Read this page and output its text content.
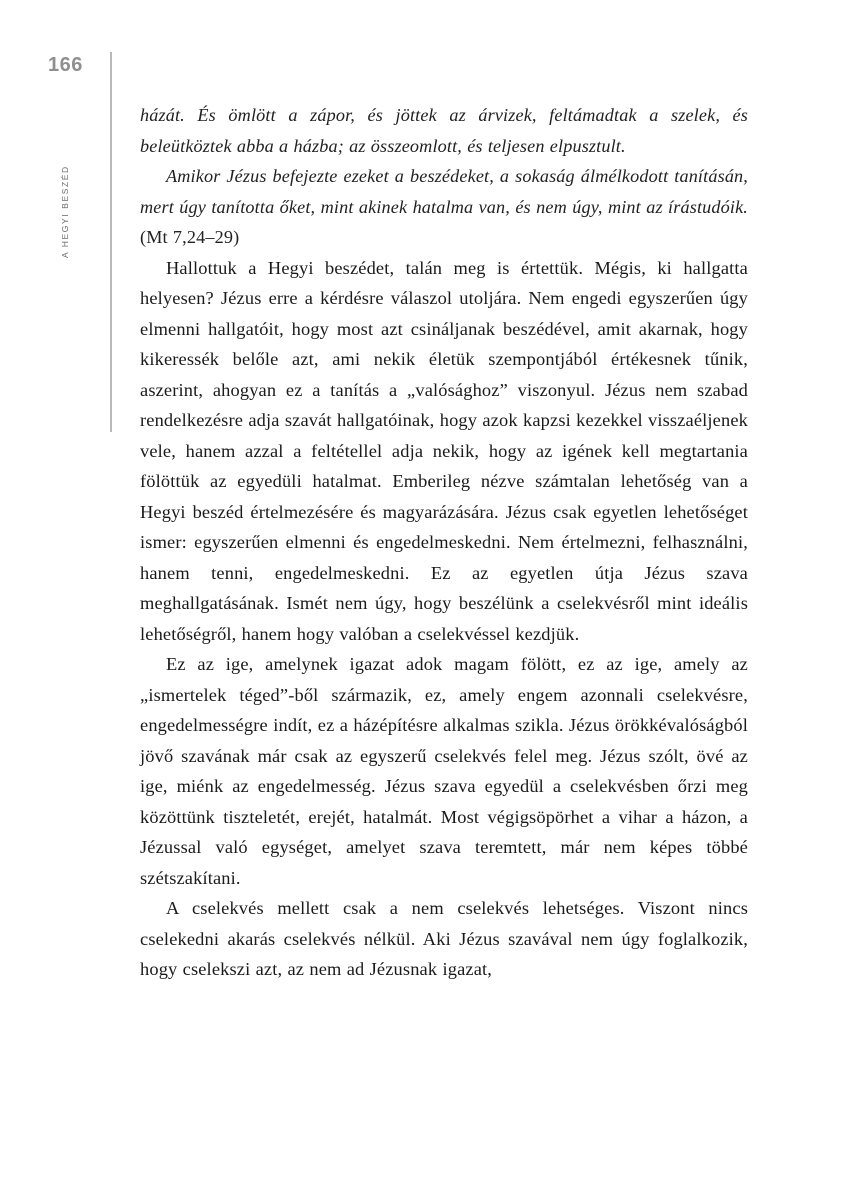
166
A HEGYI BESZÉD

házát. És ömlött a zápor, és jöttek az árvizek, feltámadtak a szelek, és beleütköztek abba a házba; az összeomlott, és teljesen elpusztult.

Amikor Jézus befejezte ezeket a beszédeket, a sokaság álmélkodott tanításán, mert úgy tanította őket, mint akinek hatalma van, és nem úgy, mint az írástudóik. (Mt 7,24–29)

Hallottuk a Hegyi beszédet, talán meg is értettük. Mégis, ki hallgatta helyesen? Jézus erre a kérdésre válaszol utoljára. Nem engedi egyszerűen úgy elmenni hallgatóit, hogy most azt csináljanak beszédével, amit akarnak, hogy kikeressék belőle azt, ami nekik életük szempontjából értékesnek tűnik, aszerint, ahogyan ez a tanítás a „valósághoz” viszonyul. Jézus nem szabad rendelkezésre adja szavát hallgatóinak, hogy azok kapzsi kezekkel visszaéljenek vele, hanem azzal a feltétellel adja nekik, hogy az igének kell megtartania fölöttük az egyedüli hatalmat. Emberileg nézve számtalan lehetőség van a Hegyi beszéd értelmezésére és magyarázására. Jézus csak egyetlen lehetőséget ismer: egyszerűen elmenni és engedelmeskedni. Nem értelmezni, felhasználni, hanem tenni, engedelmeskedni. Ez az egyetlen útja Jézus szava meghallgatásának. Ismét nem úgy, hogy beszélünk a cselekvésről mint ideális lehetőségről, hanem hogy valóban a cselekvéssel kezdjük.

Ez az ige, amelynek igazat adok magam fölött, ez az ige, amely az „ismertelek téged”-ből származik, ez, amely engem azonnali cselekvésre, engedelmességre indít, ez a házépítésre alkalmas szikla. Jézus örökkévalóságból jövő szavának már csak az egyszerű cselekvés felel meg. Jézus szólt, övé az ige, miénk az engedelmesség. Jézus szava egyedül a cselekvésben őrzi meg közöttünk tiszteletét, erejét, hatalmát. Most végigsöpörhet a vihar a házon, a Jézussal való egységet, amelyet szava teremtett, már nem képes többé szétszakítani.

A cselekvés mellett csak a nem cselekvés lehetséges. Viszont nincs cselekedni akarás cselekvés nélkül. Aki Jézus szavával nem úgy foglalkozik, hogy cselekszi azt, az nem ad Jézusnak igazat,
